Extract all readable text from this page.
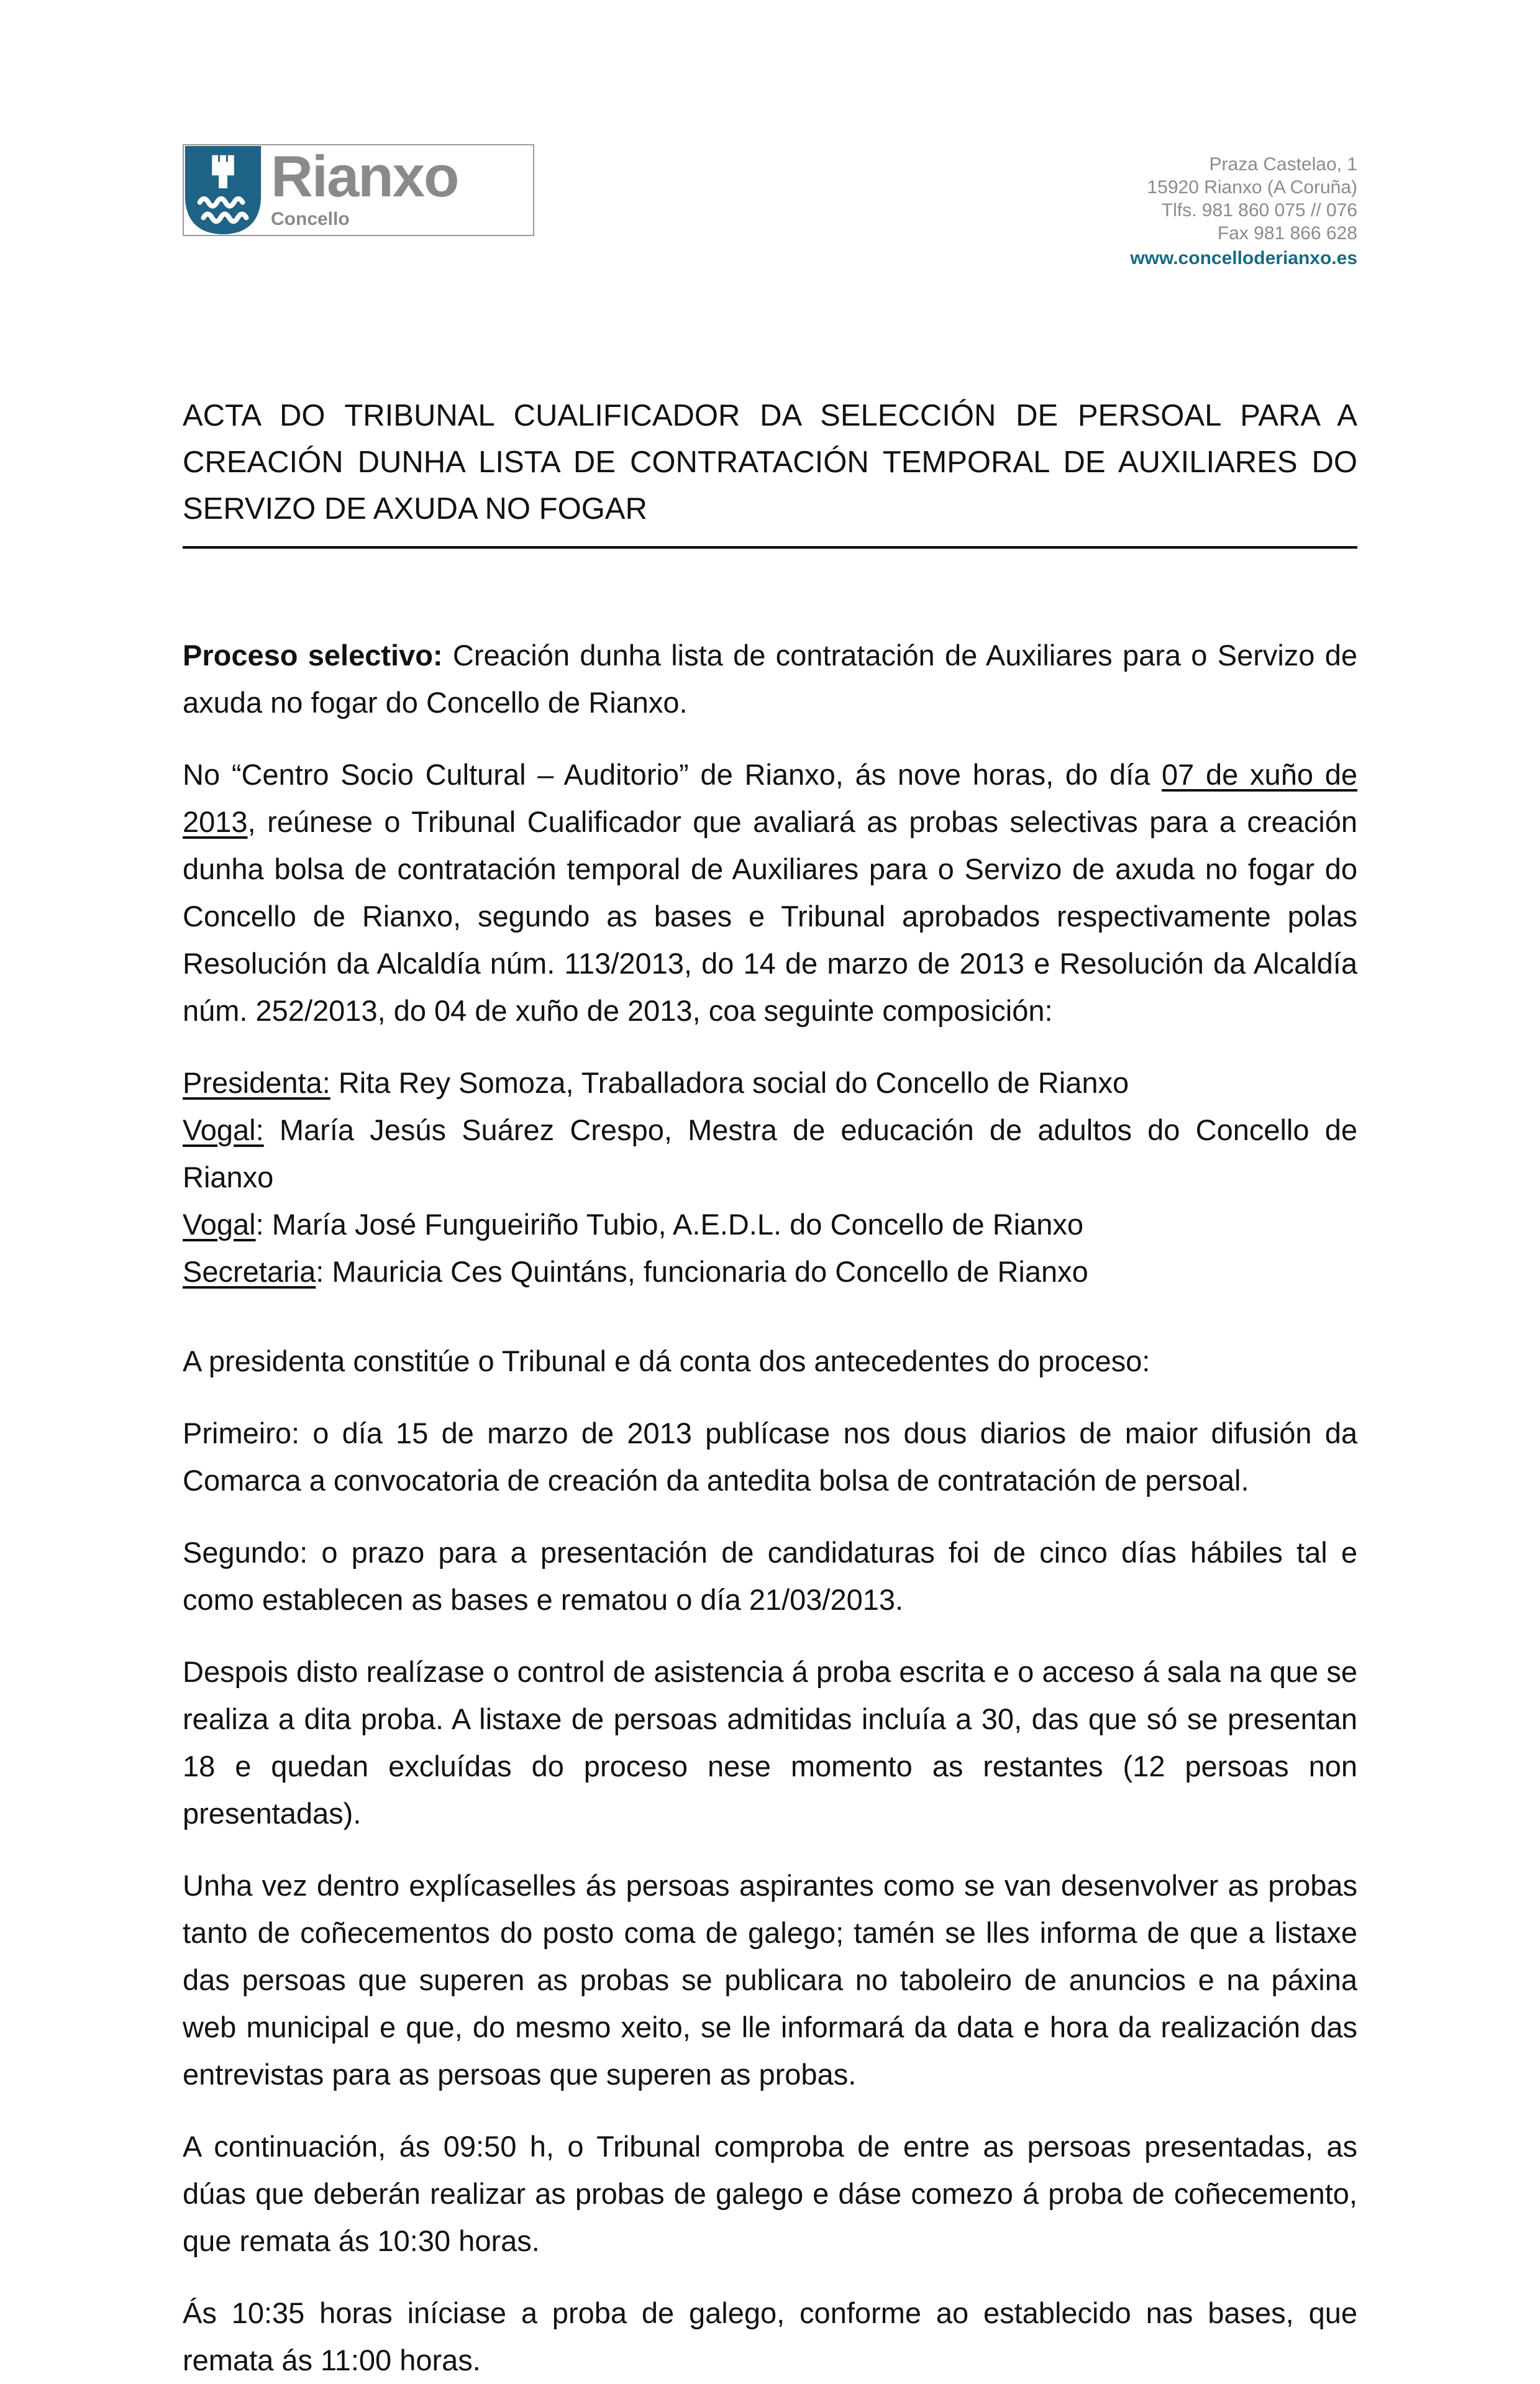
Rianxo
Concello
Praza Castelao, 1
15920 Rianxo (A Coruña)
Tlfs. 981 860 075 // 076
Fax 981 866 628
www.concelloderianxo.es
ACTA DO TRIBUNAL CUALIFICADOR DA SELECCIÓN DE PERSOAL PARA A CREACIÓN DUNHA LISTA DE CONTRATACIÓN TEMPORAL DE AUXILIARES DO SERVIZO DE AXUDA NO FOGAR
Proceso selectivo: Creación dunha lista de contratación de Auxiliares para o Servizo de axuda no fogar do Concello de Rianxo.
No “Centro Socio Cultural – Auditorio” de Rianxo, ás nove horas, do día 07 de xuño de 2013, reúnese o Tribunal Cualificador que avaliará as probas selectivas para a creación dunha bolsa de contratación temporal de Auxiliares para o Servizo de axuda no fogar do Concello de Rianxo, segundo as bases e Tribunal aprobados respectivamente polas Resolución da Alcaldía núm. 113/2013, do 14 de marzo de 2013 e Resolución da Alcaldía núm. 252/2013, do 04 de xuño de 2013, coa seguinte composición:
Presidenta: Rita Rey Somoza, Traballadora social do Concello de Rianxo
Vogal: María Jesús Suárez Crespo, Mestra de educación de adultos do Concello de Rianxo
Vogal: María José Fungueiriño Tubio, A.E.D.L. do Concello de Rianxo
Secretaria: Mauricia Ces Quintáns, funcionaria do Concello de Rianxo
A presidenta constitúe o Tribunal e dá conta dos antecedentes do proceso:
Primeiro: o día 15 de marzo de 2013 publícase nos dous diarios de maior difusión da Comarca a convocatoria de creación da antedita bolsa de contratación de persoal.
Segundo: o prazo para a presentación de candidaturas foi de cinco días hábiles tal e como establecen as bases e rematou o día 21/03/2013.
Despois disto realízase o control de asistencia á proba escrita e o acceso á sala na que se realiza a dita proba. A listaxe de persoas admitidas incluía a 30, das que só se presentan 18 e quedan excluídas do proceso nese momento as restantes (12 persoas non presentadas).
Unha vez dentro explícaselles ás persoas aspirantes como se van desenvolver as probas tanto de coñecementos do posto coma de galego; tamén se lles informa de que a listaxe das persoas que superen as probas se publicara no taboleiro de anuncios e na páxina web municipal e que, do mesmo xeito, se lle informará da data e hora da realización das entrevistas para as persoas que superen as probas.
A continuación, ás 09:50 h, o Tribunal comproba de entre as persoas presentadas, as dúas que deberán realizar as probas de galego e dáse comezo á proba de coñecemento, que remata ás 10:30 horas.
Ás 10:35 horas iníciase a proba de galego, conforme ao establecido nas bases, que remata ás 11:00 horas.
